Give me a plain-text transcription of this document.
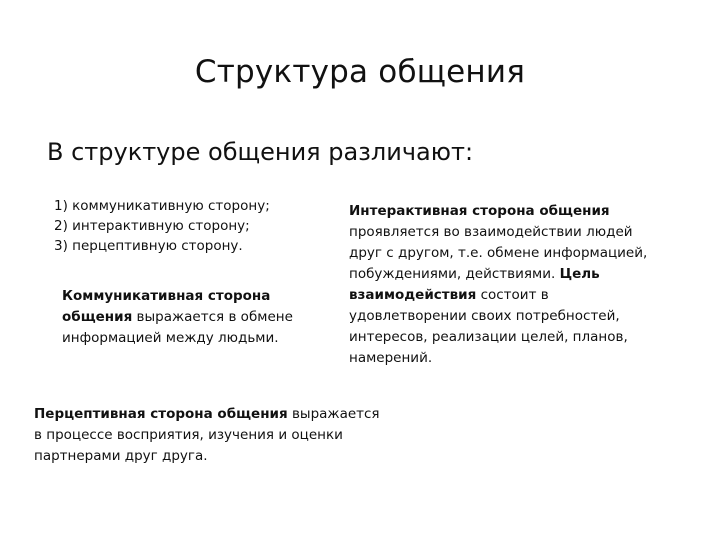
Структура общения
В структуре общения различают:
1) коммуникативную сторону;
2) интерактивную сторону;
3) перцептивную сторону.

Коммуникативная сторона общения выражается в обмене информацией между людьми.

Интерактивная сторона общения проявляется во взаимодействии людей друг с другом, т.е. обмене информацией, побуждениями, действиями. Цель взаимодействия состоит в удовлетворении своих потребностей, интересов, реализации целей, планов, намерений.

Перцептивная сторона общения выражается в процессе восприятия, изучения и оценки партнерами друг друга.
